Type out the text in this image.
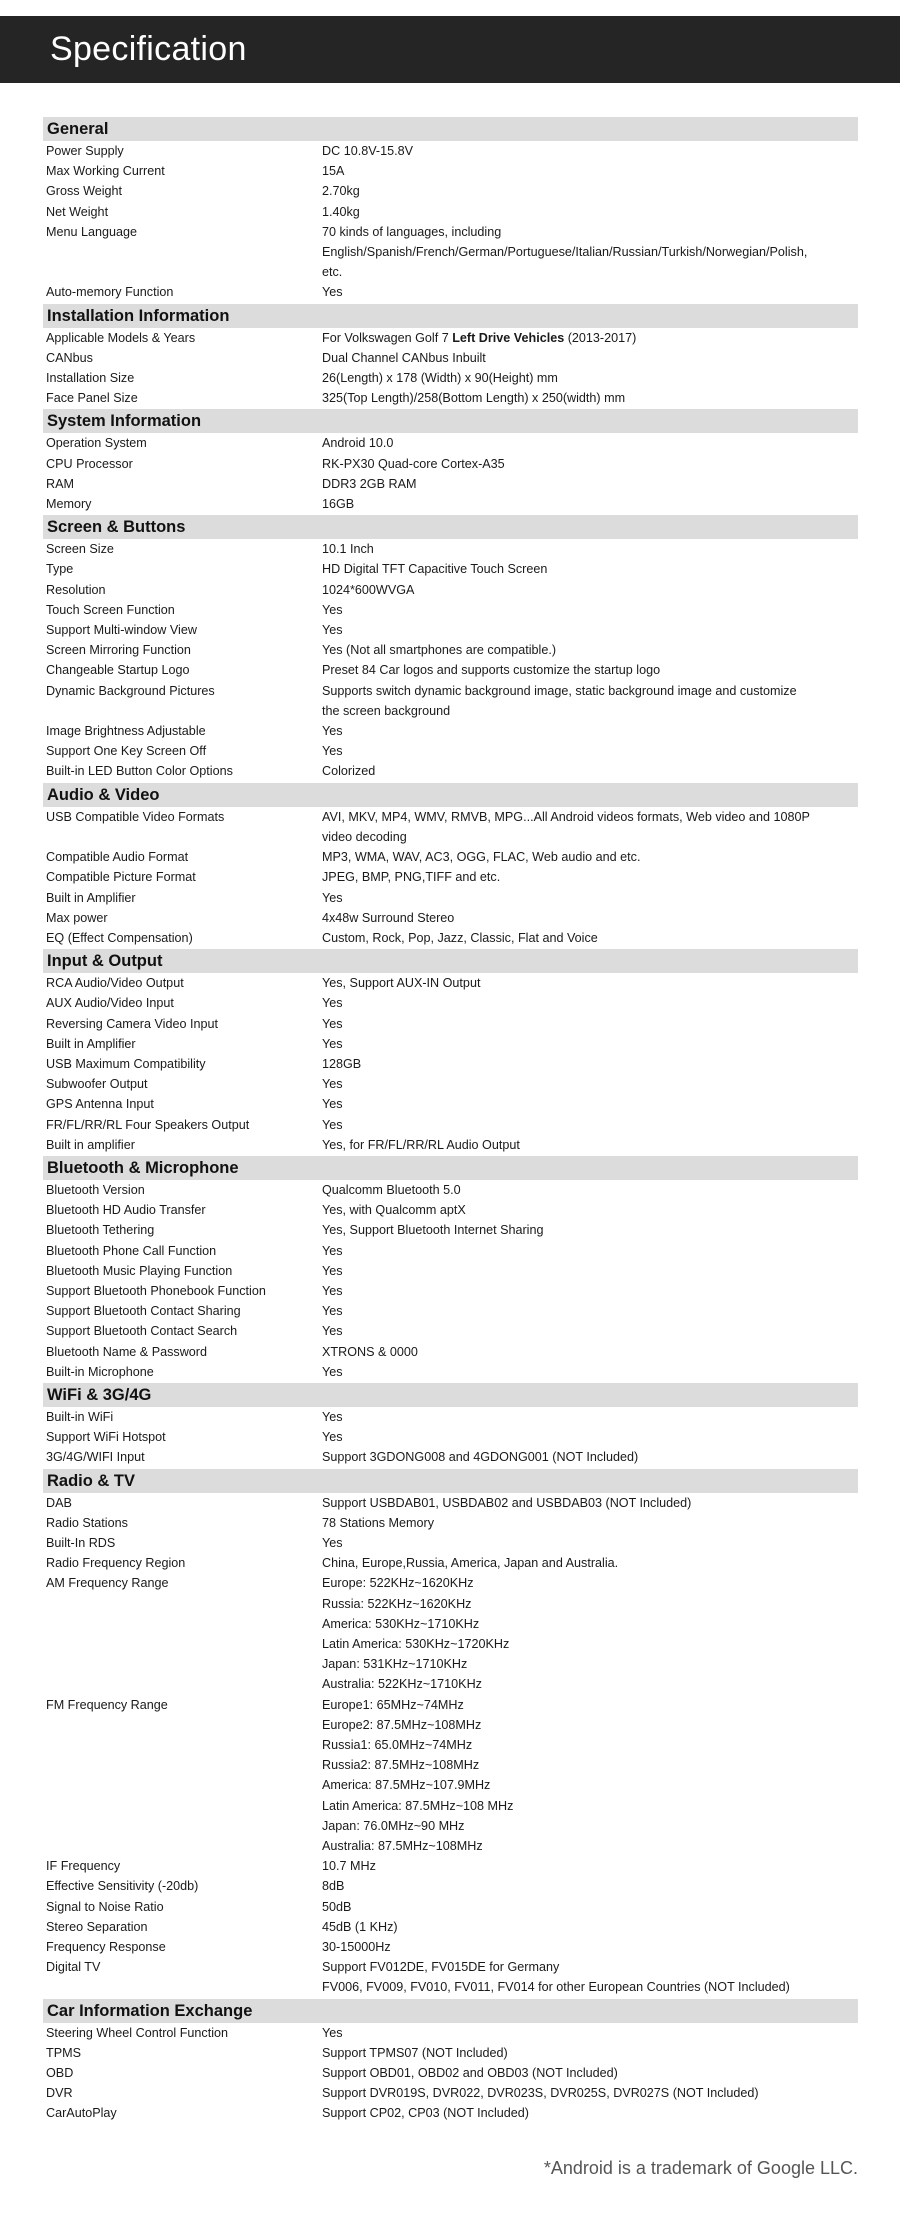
Specification
General
Power Supply	DC 10.8V-15.8V
Max Working Current	15A
Gross Weight	2.70kg
Net Weight	1.40kg
Menu Language	70 kinds of languages, including
English/Spanish/French/German/Portuguese/Italian/Russian/Turkish/Norwegian/Polish,
etc.
Auto-memory Function	Yes
Installation Information
Applicable Models & Years	For Volkswagen Golf 7 Left Drive Vehicles (2013-2017)
CANbus	Dual Channel CANbus Inbuilt
Installation Size	26(Length) x 178 (Width) x 90(Height) mm
Face Panel Size	325(Top Length)/258(Bottom Length) x 250(width) mm
System Information
Operation System	Android 10.0
CPU Processor	RK-PX30 Quad-core Cortex-A35
RAM	DDR3 2GB RAM
Memory	16GB
Screen & Buttons
Screen Size	10.1 Inch
Type	HD Digital TFT Capacitive Touch Screen
Resolution	1024*600WVGA
Touch Screen Function	Yes
Support Multi-window View	Yes
Screen Mirroring Function	Yes (Not all smartphones are compatible.)
Changeable Startup Logo	Preset 84 Car logos and supports customize the startup logo
Dynamic Background Pictures	Supports switch dynamic background image, static background image and customize
the screen background
Image Brightness Adjustable	Yes
Support One Key Screen Off	Yes
Built-in LED Button Color Options	Colorized
Audio & Video
USB Compatible Video Formats	AVI, MKV, MP4, WMV, RMVB, MPG...All Android videos formats, Web video and 1080P
video decoding
Compatible Audio Format	MP3, WMA, WAV, AC3, OGG, FLAC, Web audio and etc.
Compatible Picture Format	JPEG, BMP, PNG,TIFF and etc.
Built in Amplifier	Yes
Max power	4x48w Surround Stereo
EQ (Effect Compensation)	Custom, Rock, Pop, Jazz, Classic, Flat and Voice
Input & Output
RCA Audio/Video Output	Yes, Support AUX-IN Output
AUX Audio/Video Input	Yes
Reversing Camera Video Input	Yes
Built in Amplifier	Yes
USB Maximum Compatibility	128GB
Subwoofer Output	Yes
GPS Antenna Input	Yes
FR/FL/RR/RL Four Speakers Output	Yes
Built in amplifier	Yes, for FR/FL/RR/RL Audio Output
Bluetooth & Microphone
Bluetooth Version	Qualcomm Bluetooth 5.0
Bluetooth HD Audio Transfer	Yes, with Qualcomm aptX
Bluetooth Tethering	Yes, Support Bluetooth Internet Sharing
Bluetooth Phone Call Function	Yes
Bluetooth Music Playing Function	Yes
Support Bluetooth Phonebook Function	Yes
Support Bluetooth Contact Sharing	Yes
Support Bluetooth Contact Search	Yes
Bluetooth Name & Password	XTRONS & 0000
Built-in Microphone	Yes
WiFi & 3G/4G
Built-in WiFi	Yes
Support WiFi Hotspot	Yes
3G/4G/WIFI Input	Support 3GDONG008 and 4GDONG001 (NOT Included)
Radio & TV
DAB	Support USBDAB01, USBDAB02 and USBDAB03 (NOT Included)
Radio Stations	78 Stations Memory
Built-In RDS	Yes
Radio Frequency Region	China, Europe,Russia, America, Japan and Australia.
AM Frequency Range	Europe: 522KHz~1620KHz
Russia: 522KHz~1620KHz
America: 530KHz~1710KHz
Latin America: 530KHz~1720KHz
Japan: 531KHz~1710KHz
Australia: 522KHz~1710KHz
FM Frequency Range	Europe1: 65MHz~74MHz
Europe2: 87.5MHz~108MHz
Russia1: 65.0MHz~74MHz
Russia2: 87.5MHz~108MHz
America: 87.5MHz~107.9MHz
Latin America: 87.5MHz~108 MHz
Japan: 76.0MHz~90 MHz
Australia: 87.5MHz~108MHz
IF Frequency	10.7 MHz
Effective Sensitivity (-20db)	8dB
Signal to Noise Ratio	50dB
Stereo Separation	45dB (1 KHz)
Frequency Response	30-15000Hz
Digital TV	Support FV012DE, FV015DE for Germany
FV006, FV009, FV010, FV011, FV014 for other European Countries (NOT Included)
Car Information Exchange
Steering Wheel Control Function	Yes
TPMS	Support TPMS07 (NOT Included)
OBD	Support OBD01, OBD02 and OBD03 (NOT Included)
DVR	Support DVR019S, DVR022, DVR023S, DVR025S, DVR027S (NOT Included)
CarAutoPlay	Support CP02, CP03 (NOT Included)
*Android is a trademark of Google LLC.
